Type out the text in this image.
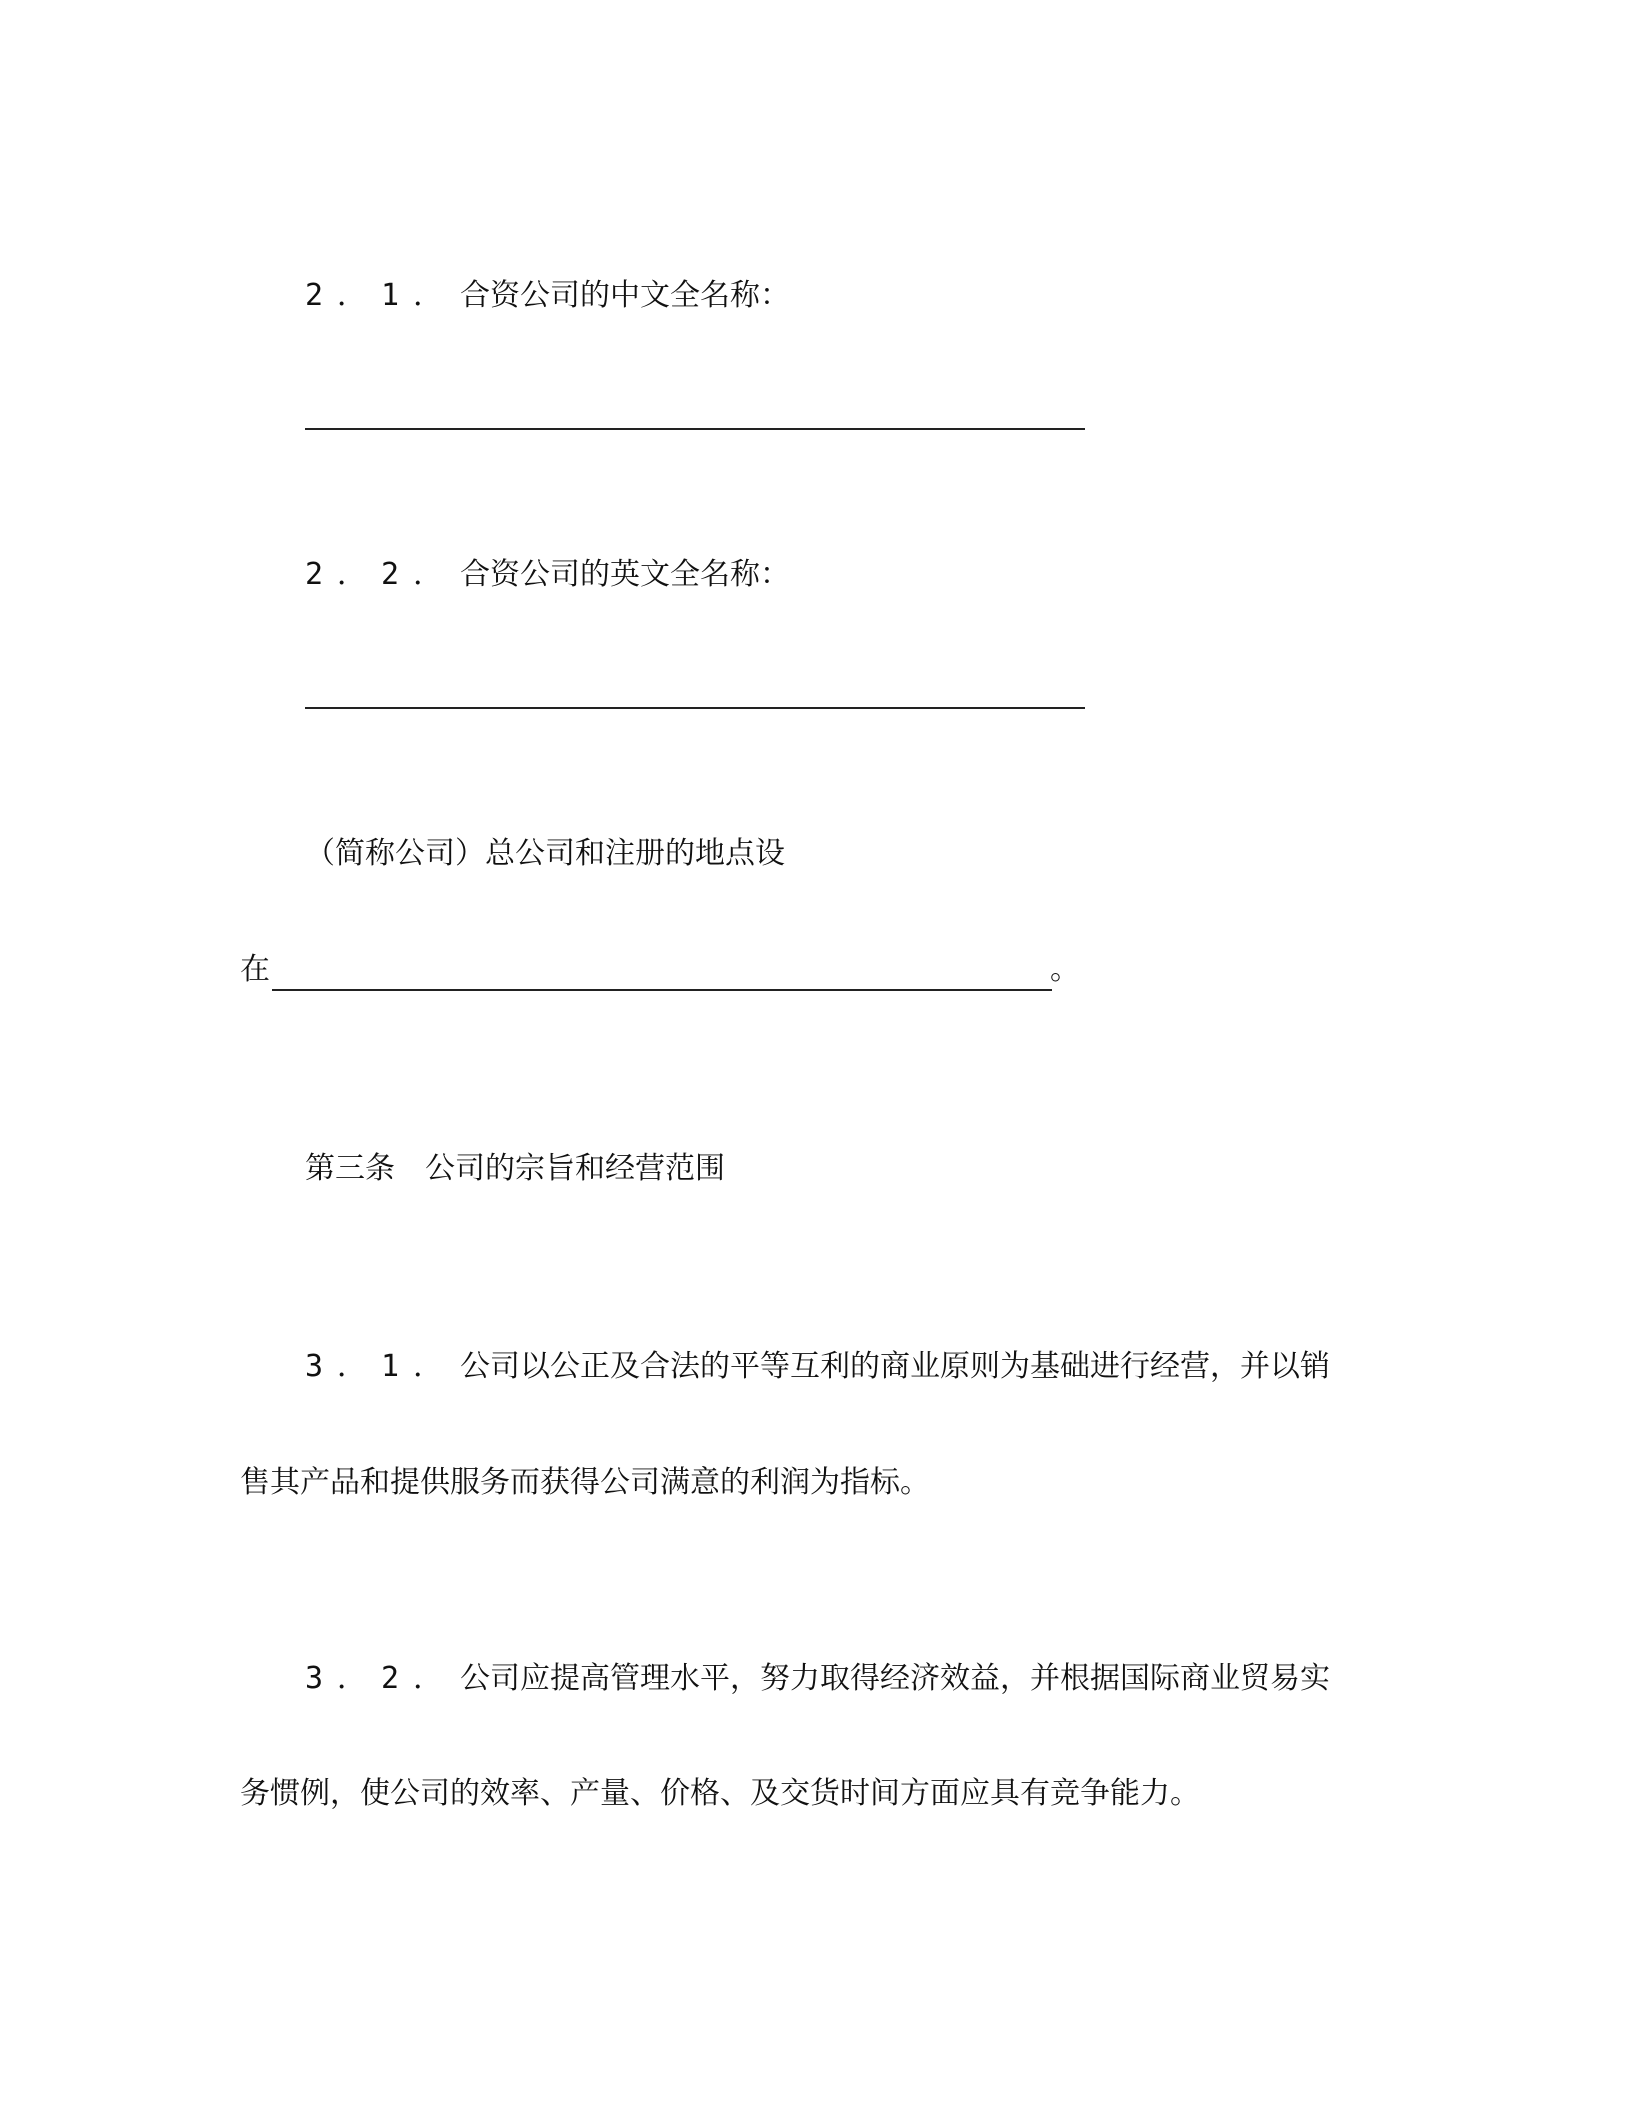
2．1． 合资公司的中文全名称：
2．2． 合资公司的英文全名称：
（简称公司）总公司和注册的地点设
在	。
第三条　公司的宗旨和经营范围
3．1． 公司以公正及合法的平等互利的商业原则为基础进行经营，并以销
售其产品和提供服务而获得公司满意的利润为指标。
3．2． 公司应提高管理水平，努力取得经济效益，并根据国际商业贸易实
务惯例，使公司的效率、产量、价格、及交货时间方面应具有竞争能力。
